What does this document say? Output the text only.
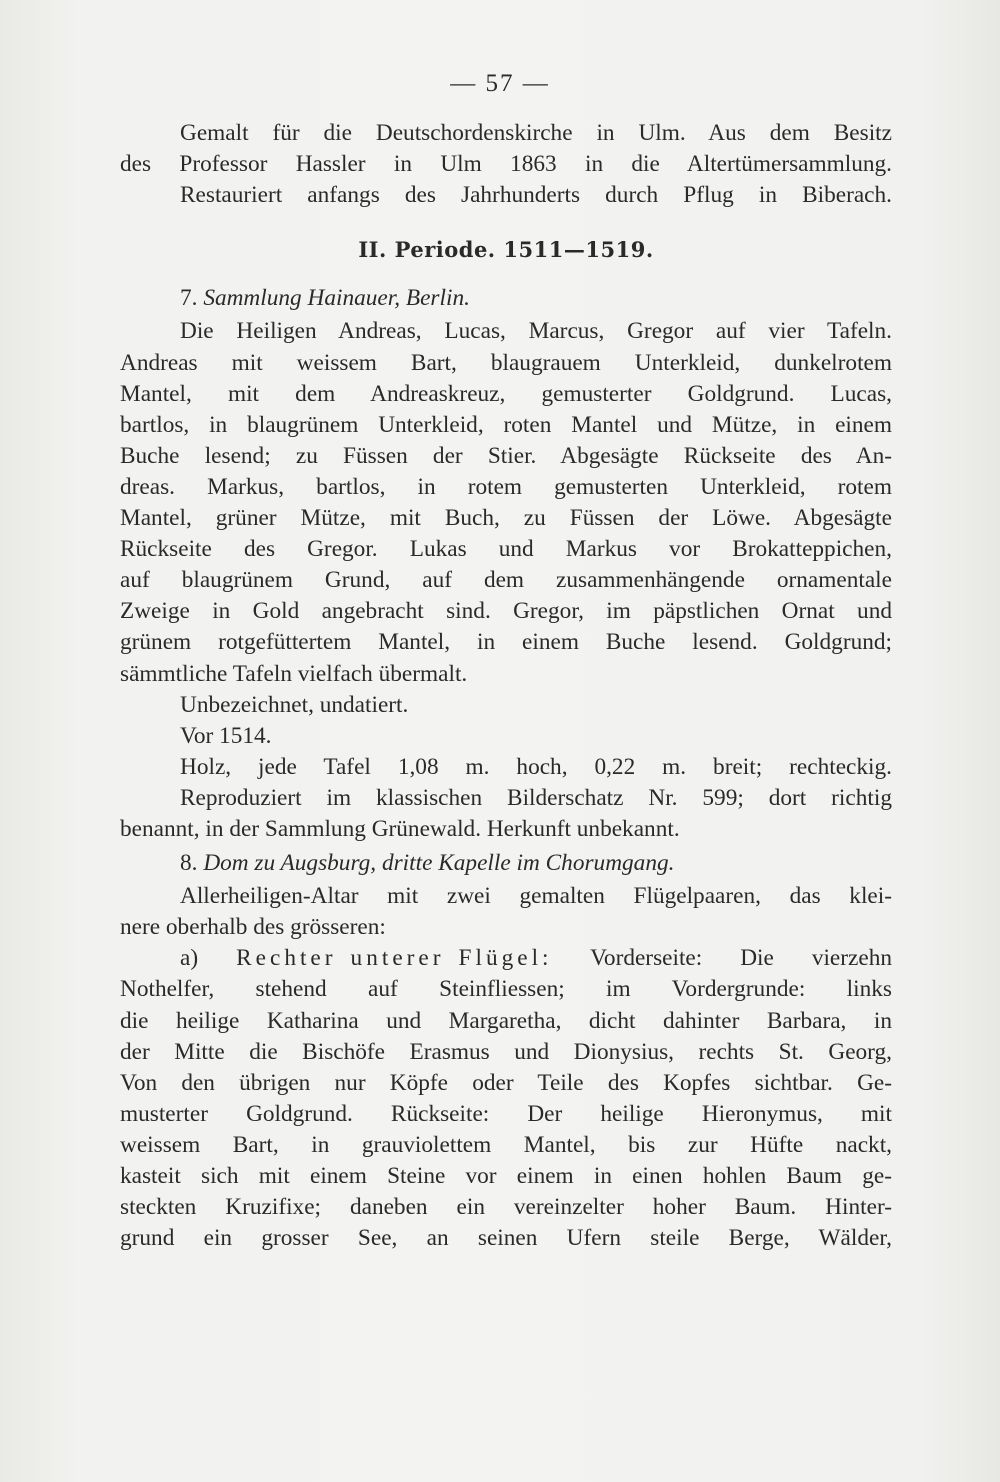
— 57 —
Gemalt für die Deutschordenskirche in Ulm. Aus dem Besitz
des Professor Hassler in Ulm 1863 in die Altertümersammlung.
Restauriert anfangs des Jahrhunderts durch Pflug in Biberach.
II. Periode. 1511—1519.
7. Sammlung Hainauer, Berlin.
Die Heiligen Andreas, Lucas, Marcus, Gregor auf vier Tafeln.
Andreas mit weissem Bart, blaugrauem Unterkleid, dunkelrotem
Mantel, mit dem Andreaskreuz, gemusterter Goldgrund. Lucas,
bartlos, in blaugrünem Unterkleid, roten Mantel und Mütze, in einem
Buche lesend; zu Füssen der Stier. Abgesägte Rückseite des An-
dreas. Markus, bartlos, in rotem gemusterten Unterkleid, rotem
Mantel, grüner Mütze, mit Buch, zu Füssen der Löwe. Abgesägte
Rückseite des Gregor. Lukas und Markus vor Brokatteppichen,
auf blaugrünem Grund, auf dem zusammenhängende ornamentale
Zweige in Gold angebracht sind. Gregor, im päpstlichen Ornat und
grünem rotgefüttertem Mantel, in einem Buche lesend. Goldgrund;
sämmtliche Tafeln vielfach übermalt.
Unbezeichnet, undatiert.
Vor 1514.
Holz, jede Tafel 1,08 m. hoch, 0,22 m. breit; rechteckig.
Reproduziert im klassischen Bilderschatz Nr. 599; dort richtig
benannt, in der Sammlung Grünewald. Herkunft unbekannt.
8. Dom zu Augsburg, dritte Kapelle im Chorumgang.
Allerheiligen-Altar mit zwei gemalten Flügelpaaren, das klei-
nere oberhalb des grösseren:
a) Rechter unterer Flügel: Vorderseite: Die vierzehn
Nothelfer, stehend auf Steinfliessen; im Vordergrunde: links
die heilige Katharina und Margaretha, dicht dahinter Barbara, in
der Mitte die Bischöfe Erasmus und Dionysius, rechts St. Georg,
Von den übrigen nur Köpfe oder Teile des Kopfes sichtbar. Ge-
musterter Goldgrund. Rückseite: Der heilige Hieronymus, mit
weissem Bart, in grauviolettem Mantel, bis zur Hüfte nackt,
kasteit sich mit einem Steine vor einem in einen hohlen Baum ge-
steckten Kruzifixe; daneben ein vereinzelter hoher Baum. Hinter-
grund ein grosser See, an seinen Ufern steile Berge, Wälder,
